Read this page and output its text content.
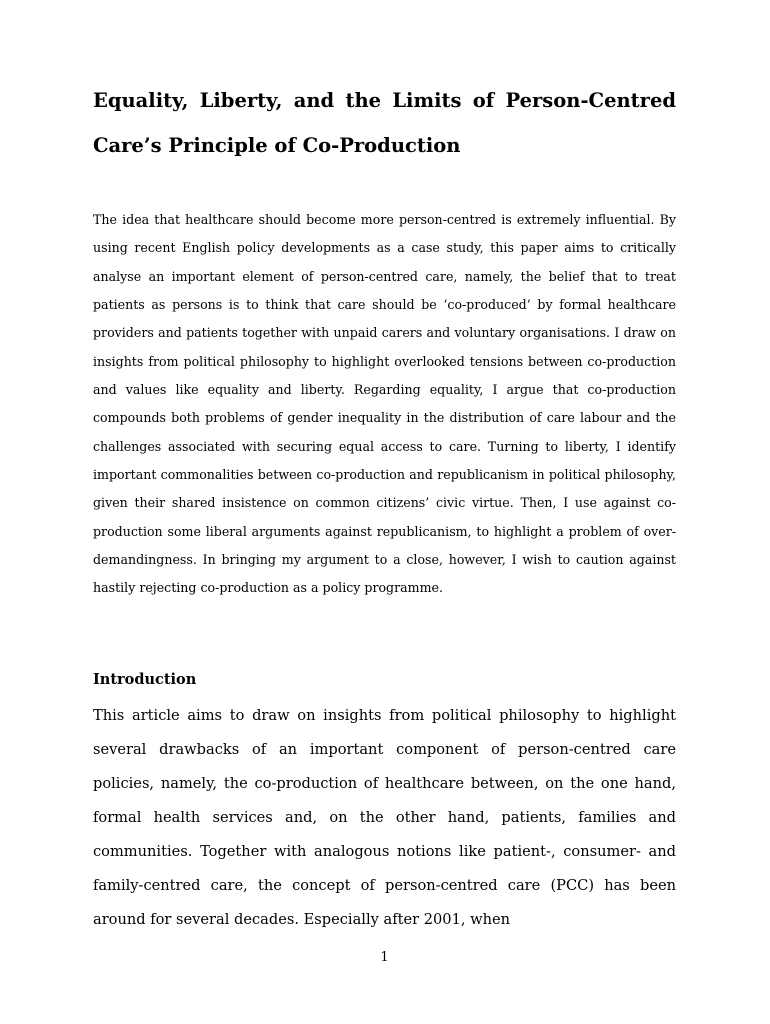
Equality, Liberty, and the Limits of Person-Centred Care’s Principle of Co-Production

The idea that healthcare should become more person-centred is extremely influential. By using recent English policy developments as a case study, this paper aims to critically analyse an important element of person-centred care, namely, the belief that to treat patients as persons is to think that care should be ‘co-produced’ by formal healthcare providers and patients together with unpaid carers and voluntary organisations. I draw on insights from political philosophy to highlight overlooked tensions between co-production and values like equality and liberty. Regarding equality, I argue that co-production compounds both problems of gender inequality in the distribution of care labour and the challenges associated with securing equal access to care. Turning to liberty, I identify important commonalities between co-production and republicanism in political philosophy, given their shared insistence on common citizens’ civic virtue. Then, I use against co-production some liberal arguments against republicanism, to highlight a problem of over-demandingness. In bringing my argument to a close, however, I wish to caution against hastily rejecting co-production as a policy programme.

Introduction

This article aims to draw on insights from political philosophy to highlight several drawbacks of an important component of person-centred care policies, namely, the co-production of healthcare between, on the one hand, formal health services and, on the other hand, patients, families and communities. Together with analogous notions like patient-, consumer- and family-centred care, the concept of person-centred care (PCC) has been around for several decades. Especially after 2001, when

1
